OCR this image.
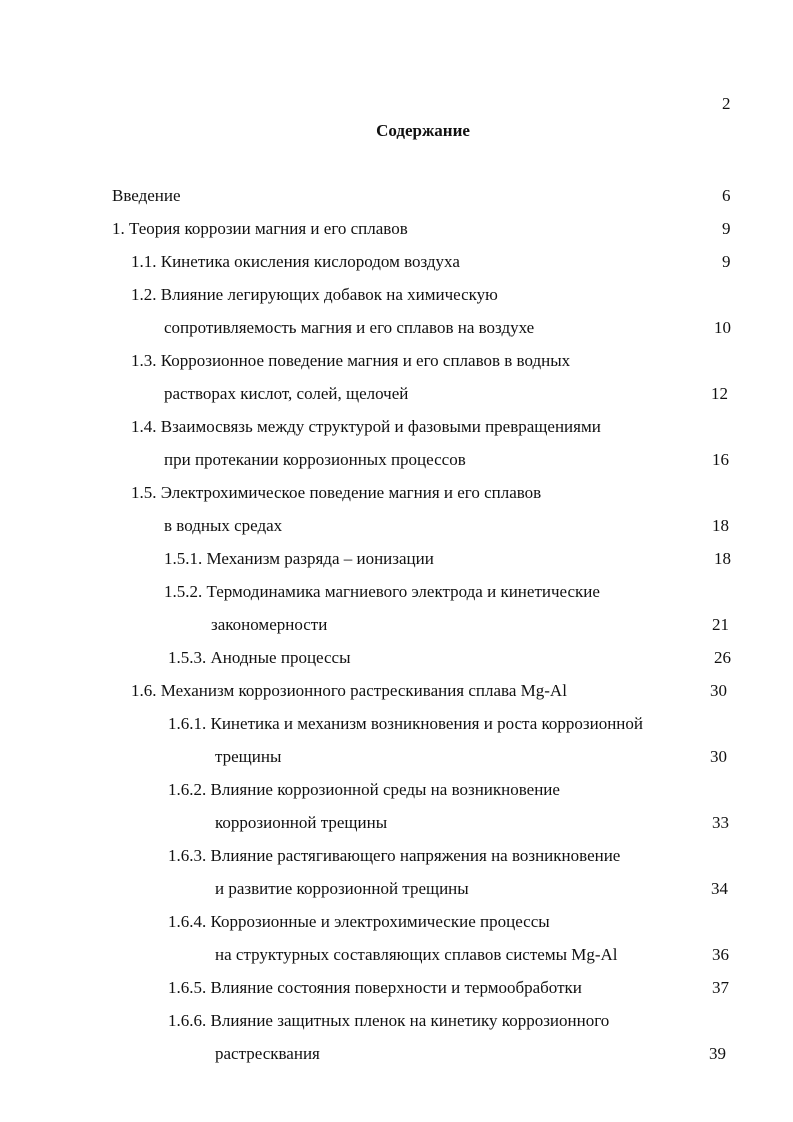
2
Содержание
Введение	6
1. Теория коррозии магния и его сплавов	9
1.1. Кинетика окисления кислородом воздуха	9
1.2. Влияние легирующих добавок на химическую
сопротивляемость магния и его сплавов на воздухе	10
1.3. Коррозионное поведение магния и его сплавов в водных
растворах кислот, солей, щелочей	12
1.4. Взаимосвязь между структурой и фазовыми превращениями
при протекании коррозионных процессов	16
1.5. Электрохимическое поведение магния и его сплавов
в водных средах	18
1.5.1. Механизм разряда – ионизации	18
1.5.2. Термодинамика магниевого электрода и кинетические
закономерности	21
1.5.3. Анодные процессы	26
1.6. Механизм коррозионного растрескивания сплава Mg-Al	30
1.6.1. Кинетика и механизм возникновения и роста коррозионной
трещины	30
1.6.2. Влияние коррозионной среды на возникновение
коррозионной трещины	33
1.6.3. Влияние растягивающего напряжения на возникновение
и развитие коррозионной трещины	34
1.6.4. Коррозионные и электрохимические процессы
на структурных составляющих сплавов системы Mg-Al	36
1.6.5. Влияние состояния поверхности и термообработки	37
1.6.6. Влияние защитных пленок на кинетику коррозионного
растресквания	39
